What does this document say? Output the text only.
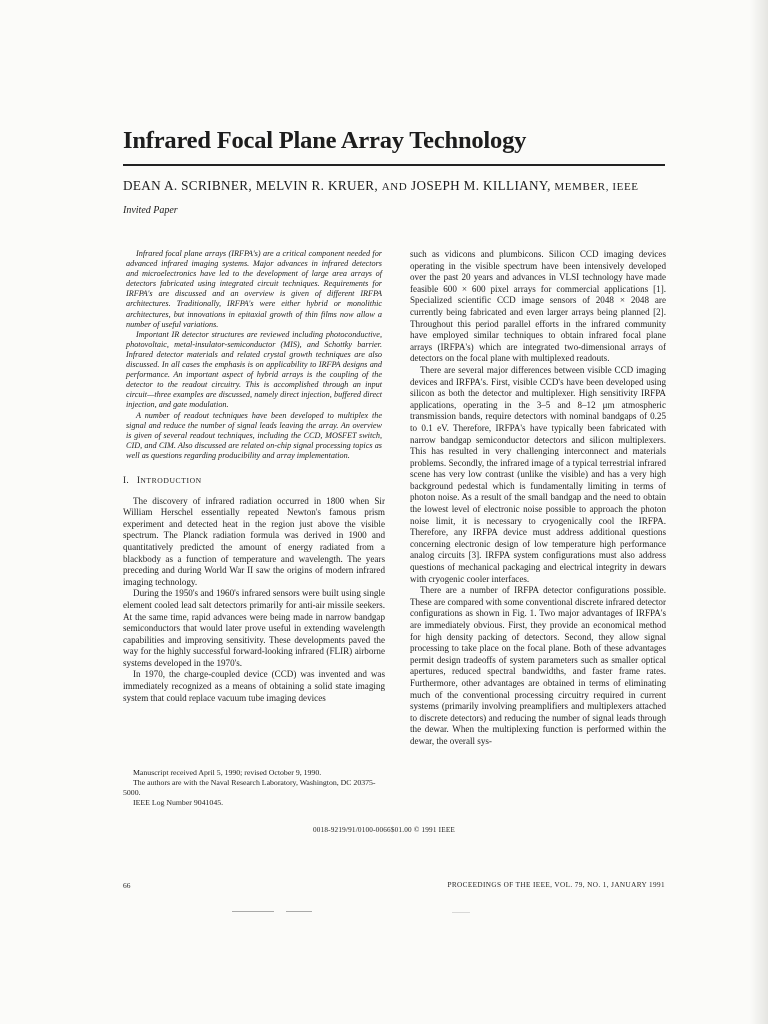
Infrared Focal Plane Array Technology
DEAN A. SCRIBNER, MELVIN R. KRUER, AND JOSEPH M. KILLIANY, MEMBER, IEEE
Invited Paper

Infrared focal plane arrays (IRFPA's) are a critical component needed for advanced infrared imaging systems. Major advances in infrared detectors and microelectronics have led to the development of large area arrays of detectors fabricated using integrated circuit techniques. Requirements for IRFPA's are discussed and an overview is given of different IRFPA architectures. Traditionally, IRFPA's were either hybrid or monolithic architectures, but innovations in epitaxial growth of thin films now allow a number of useful variations.

Important IR detector structures are reviewed including photoconductive, photovoltaic, metal-insulator-semiconductor (MIS), and Schottky barrier. Infrared detector materials and related crystal growth techniques are also discussed. In all cases the emphasis is on applicability to IRFPA designs and performance. An important aspect of hybrid arrays is the coupling of the detector to the readout circuitry. This is accomplished through an input circuit—three examples are discussed, namely direct injection, buffered direct injection, and gate modulation.

A number of readout techniques have been developed to multiplex the signal and reduce the number of signal leads leaving the array. An overview is given of several readout techniques, including the CCD, MOSFET switch, CID, and CIM. Also discussed are related on-chip signal processing topics as well as questions regarding producibility and array implementation.

I. INTRODUCTION

The discovery of infrared radiation occurred in 1800 when Sir William Herschel essentially repeated Newton's famous prism experiment and detected heat in the region just above the visible spectrum. The Planck radiation formula was derived in 1900 and quantitatively predicted the amount of energy radiated from a blackbody as a function of temperature and wavelength. The years preceding and during World War II saw the origins of modern infrared imaging technology.

During the 1950's and 1960's infrared sensors were built using single element cooled lead salt detectors primarily for anti-air missile seekers. At the same time, rapid advances were being made in narrow bandgap semiconductors that would later prove useful in extending wavelength capabilities and improving sensitivity. These developments paved the way for the highly successful forward-looking infrared (FLIR) airborne systems developed in the 1970's.

In 1970, the charge-coupled device (CCD) was invented and was immediately recognized as a means of obtaining a solid state imaging system that could replace vacuum tube imaging devices

Manuscript received April 5, 1990; revised October 9, 1990.

The authors are with the Naval Research Laboratory, Washington, DC 20375-5000.

IEEE Log Number 9041045.

such as vidicons and plumbicons. Silicon CCD imaging devices operating in the visible spectrum have been intensively developed over the past 20 years and advances in VLSI technology have made feasible 600 × 600 pixel arrays for commercial applications [1]. Specialized scientific CCD image sensors of 2048 × 2048 are currently being fabricated and even larger arrays being planned [2]. Throughout this period parallel efforts in the infrared community have employed similar techniques to obtain infrared focal plane arrays (IRFPA's) which are integrated two-dimensional arrays of detectors on the focal plane with multiplexed readouts.

There are several major differences between visible CCD imaging devices and IRFPA's. First, visible CCD's have been developed using silicon as both the detector and multiplexer. High sensitivity IRFPA applications, operating in the 3–5 and 8–12 μm atmospheric transmission bands, require detectors with nominal bandgaps of 0.25 to 0.1 eV. Therefore, IRFPA's have typically been fabricated with narrow bandgap semiconductor detectors and silicon multiplexers. This has resulted in very challenging interconnect and materials problems. Secondly, the infrared image of a typical terrestrial infrared scene has very low contrast (unlike the visible) and has a very high background pedestal which is fundamentally limiting in terms of photon noise. As a result of the small bandgap and the need to obtain the lowest level of electronic noise possible to approach the photon noise limit, it is necessary to cryogenically cool the IRFPA. Therefore, any IRFPA device must address additional questions concerning electronic design of low temperature high performance analog circuits [3]. IRFPA system configurations must also address questions of mechanical packaging and electrical integrity in dewars with cryogenic cooler interfaces.

There are a number of IRFPA detector configurations possible. These are compared with some conventional discrete infrared detector configurations as shown in Fig. 1. Two major advantages of IRFPA's are immediately obvious. First, they provide an economical method for high density packing of detectors. Second, they allow signal processing to take place on the focal plane. Both of these advantages permit design tradeoffs of system parameters such as smaller optical apertures, reduced spectral bandwidths, and faster frame rates. Furthermore, other advantages are obtained in terms of eliminating much of the conventional processing circuitry required in current systems (primarily involving preamplifiers and multiplexers attached to discrete detectors) and reducing the number of signal leads through the dewar. When the multiplexing function is performed within the dewar, the overall sys-

0018-9219/91/0100-0066$01.00 © 1991 IEEE
66	PROCEEDINGS OF THE IEEE, VOL. 79, NO. 1, JANUARY 1991
